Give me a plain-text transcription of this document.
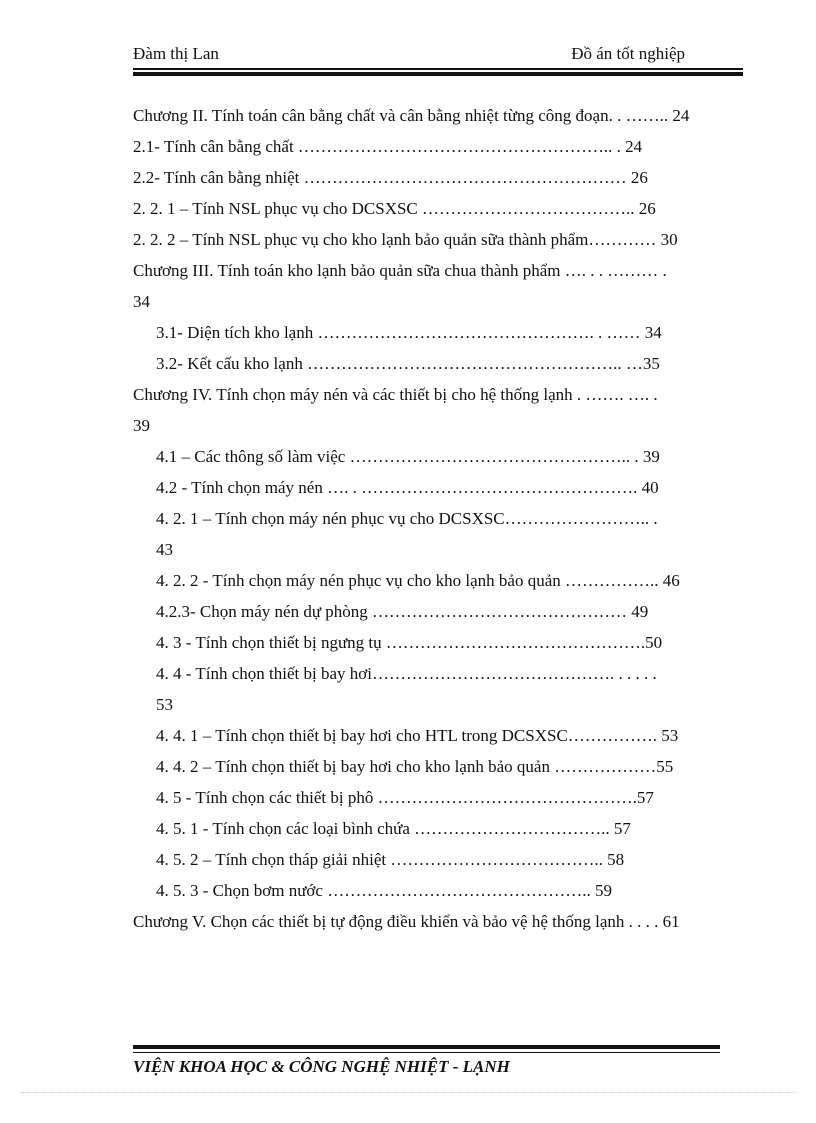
Đàm thị Lan	Đồ án tốt nghiệp
Chương II. Tính toán cân bằng chất và cân bằng nhiệt từng công đoạn. . …….. 24
2.1- Tính cân bằng chất ……………………………………………….. . 24
2.2- Tính cân bằng nhiệt ………………………………………………… 26
2. 2. 1 – Tính NSL phục vụ cho DCSXSC ……………………………….. 26
2. 2. 2 – Tính NSL phục vụ cho kho lạnh bảo quản sữa thành phẩm………… 30
Chương III. Tính toán kho lạnh bảo quản sữa chua thành phẩm …. . . ……… .
34
3.1- Diện tích kho lạnh …………………………………………. . …… 34
3.2- Kết cấu kho lạnh ……………………………………………….. …35
Chương IV. Tính chọn máy nén và các thiết bị cho hệ thống lạnh . ……. …. .
39
4.1 – Các thông số làm việc ………………………………………….. . 39
4.2 - Tính chọn máy nén …. . …………………………………………. 40
4. 2. 1 – Tính chọn máy nén phục vụ cho DCSXSC…………………….. .
43
4. 2. 2 - Tính chọn máy nén phục vụ cho kho lạnh bảo quản …………….. 46
4.2.3- Chọn máy nén dự phòng ……………………………………… 49
4. 3 - Tính chọn thiết bị ngưng tụ ……………………………………….50
4. 4 - Tính chọn thiết bị bay hơi……………………………………. . . . . .
53
4. 4. 1 – Tính chọn thiết bị bay hơi cho HTL trong DCSXSC……………. 53
4. 4. 2 – Tính chọn thiết bị bay hơi cho kho lạnh bảo quản ………………55
4. 5 - Tính chọn các thiết bị phô ……………………………………….57
4. 5. 1 - Tính chọn các loại bình chứa …………………………….. 57
4. 5. 2 – Tính chọn tháp giải nhiệt ……………………………….. 58
4. 5. 3 - Chọn bơm nước ……………………………………….. 59
Chương V. Chọn các thiết bị tự động điều khiển và bảo vệ hệ thống lạnh . . . . 61
VIỆN KHOA HỌC & CÔNG NGHỆ NHIỆT - LẠNH
